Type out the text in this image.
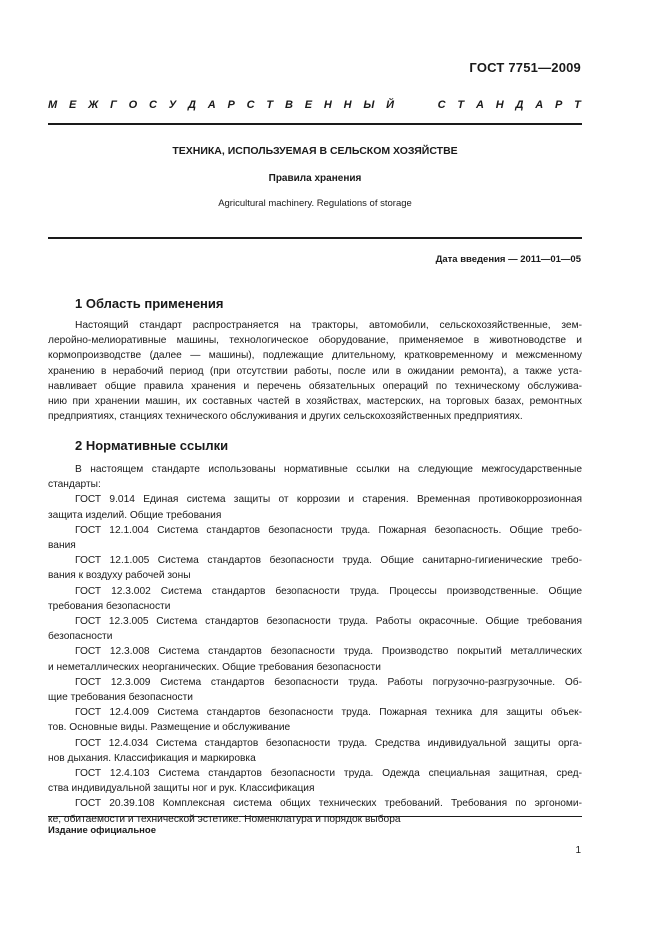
ГОСТ 7751—2009
М Е Ж Г О С У Д А Р С Т В Е Н Н Ы Й	С Т А Н Д А Р Т
ТЕХНИКА, ИСПОЛЬЗУЕМАЯ В СЕЛЬСКОМ ХОЗЯЙСТВЕ
Правила хранения
Agricultural machinery. Regulations of storage
Дата введения — 2011—01—05
1 Область применения
Настоящий стандарт распространяется на тракторы, автомобили, сельскохозяйственные, зем-
леройно-мелиоративные машины, технологическое оборудование, применяемое в животноводстве и
кормопроизводстве (далее — машины), подлежащие длительному, кратковременному и межсменному
хранению в нерабочий период (при отсутствии работы, после или в ожидании ремонта), а также уста-
навливает общие правила хранения и перечень обязательных операций по техническому обслужива-
нию при хранении машин, их составных частей в хозяйствах, мастерских, на торговых базах, ремонтных
предприятиях, станциях технического обслуживания и других сельскохозяйственных предприятиях.
2 Нормативные ссылки
В настоящем стандарте использованы нормативные ссылки на следующие межгосударственные
стандарты:
ГОСТ 9.014 Единая система защиты от коррозии и старения. Временная противокоррозионная
защита изделий. Общие требования
ГОСТ 12.1.004 Система стандартов безопасности труда. Пожарная безопасность. Общие требо-
вания
ГОСТ 12.1.005 Система стандартов безопасности труда. Общие санитарно-гигиенические требо-
вания к воздуху рабочей зоны
ГОСТ 12.3.002 Система стандартов безопасности труда. Процессы производственные. Общие
требования безопасности
ГОСТ 12.3.005 Система стандартов безопасности труда. Работы окрасочные. Общие требования
безопасности
ГОСТ 12.3.008 Система стандартов безопасности труда. Производство покрытий металлических
и неметаллических неорганических. Общие требования безопасности
ГОСТ 12.3.009 Система стандартов безопасности труда. Работы погрузочно-разгрузочные. Об-
щие требования безопасности
ГОСТ 12.4.009 Система стандартов безопасности труда. Пожарная техника для защиты объек-
тов. Основные виды. Размещение и обслуживание
ГОСТ 12.4.034 Система стандартов безопасности труда. Средства индивидуальной защиты орга-
нов дыхания. Классификация и маркировка
ГОСТ 12.4.103 Система стандартов безопасности труда. Одежда специальная защитная, сред-
ства индивидуальной защиты ног и рук. Классификация
ГОСТ 20.39.108 Комплексная система общих технических требований. Требования по эргономи-
ке, обитаемости и технической эстетике. Номенклатура и порядок выбора
Издание официальное
1
